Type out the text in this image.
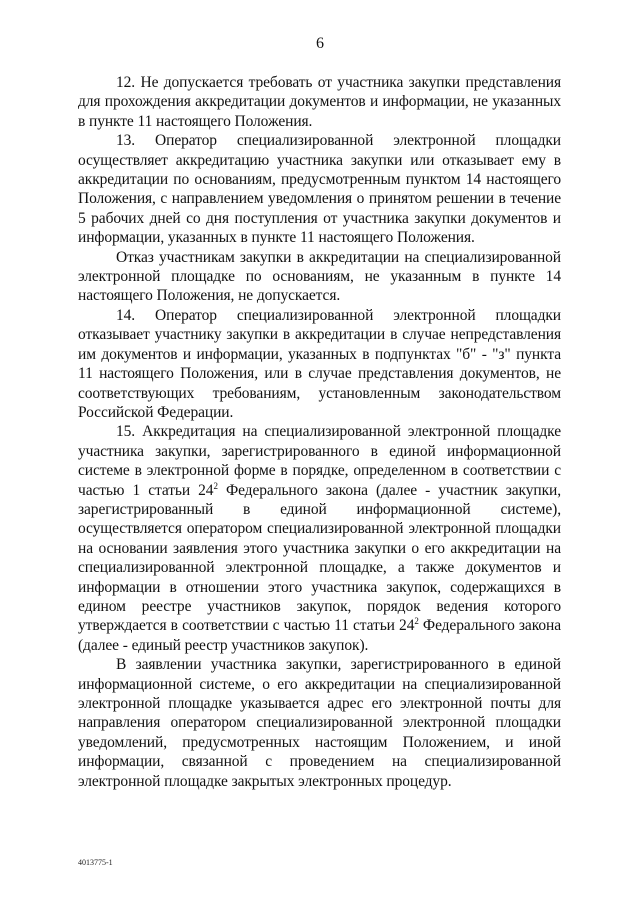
6

12. Не допускается требовать от участника закупки представления для прохождения аккредитации документов и информации, не указанных в пункте 11 настоящего Положения.

13. Оператор специализированной электронной площадки осуществляет аккредитацию участника закупки или отказывает ему в аккредитации по основаниям, предусмотренным пунктом 14 настоящего Положения, с направлением уведомления о принятом решении в течение 5 рабочих дней со дня поступления от участника закупки документов и информации, указанных в пункте 11 настоящего Положения.

Отказ участникам закупки в аккредитации на специализированной электронной площадке по основаниям, не указанным в пункте 14 настоящего Положения, не допускается.

14. Оператор специализированной электронной площадки отказывает участнику закупки в аккредитации в случае непредставления им документов и информации, указанных в подпунктах "б" - "з" пункта 11 настоящего Положения, или в случае представления документов, не соответствующих требованиям, установленным законодательством Российской Федерации.

15. Аккредитация на специализированной электронной площадке участника закупки, зарегистрированного в единой информационной системе в электронной форме в порядке, определенном в соответствии с частью 1 статьи $24^2$ Федерального закона (далее - участник закупки, зарегистрированный в единой информационной системе), осуществляется оператором специализированной электронной площадки на основании заявления этого участника закупки о его аккредитации на специализированной электронной площадке, а также документов и информации в отношении этого участника закупок, содержащихся в едином реестре участников закупок, порядок ведения которого утверждается в соответствии с частью 11 статьи $24^2$ Федерального закона (далее - единый реестр участников закупок).

В заявлении участника закупки, зарегистрированного в единой информационной системе, о его аккредитации на специализированной электронной площадке указывается адрес его электронной почты для направления оператором специализированной электронной площадки уведомлений, предусмотренных настоящим Положением, и иной информации, связанной с проведением на специализированной электронной площадке закрытых электронных процедур.

4013775-1
